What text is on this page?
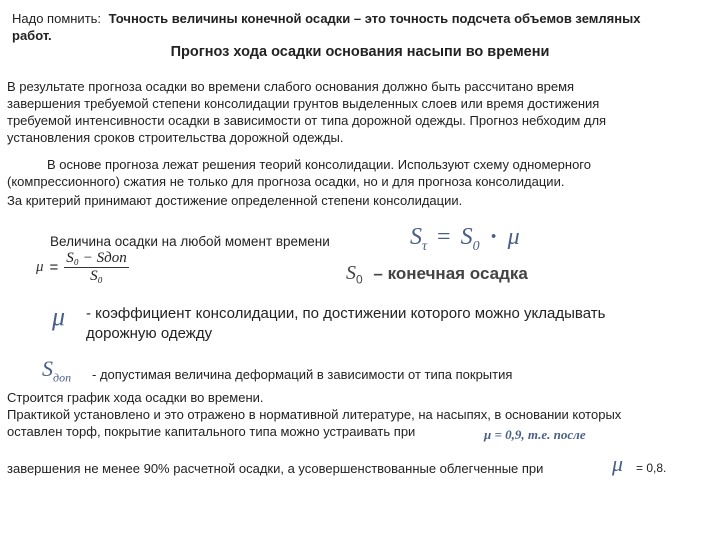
Надо помнить: Точность величины конечной осадки – это точность подсчета объемов земляных
работ.
Прогноз хода осадки основания насыпи во времени
В результате прогноза осадки во времени слабого основания должно быть рассчитано время
завершения требуемой степени консолидации грунтов выделенных слоев или время достижения
требуемой интенсивности осадки в зависимости от типа дорожной одежды. Прогноз небходим для
установления сроков строительства дорожной одежды.
В основе прогноза лежат решения теорий консолидации. Используют схему одномерного
(компрессионного) сжатия не только для прогноза осадки, но и для прогноза консолидации.
За критерий принимают достижение определенной степени консолидации.
Величина осадки на любой момент времени	$S_\tau = S_0 \cdot \mu$
$\mu = \frac{\text{S₀ − Sдоп}}{\text{S₀}}$	$S_0$ – конечная осадка
μ - коэффициент консолидации, по достижении которого можно укладывать
дорожную одежду
$S_{доп}$ - допустимая величина деформаций в зависимости от типа покрытия
Строится график хода осадки во времени.
Практикой установлено и это отражено в нормативной литературе, на насыпях, в основании которых
оставлен торф, покрытие капитального типа можно устраивать при	μ = 0,9, т.е. после
завершения не менее 90% расчетной осадки, а усовершенствованные облегченные при	μ = 0,8.
